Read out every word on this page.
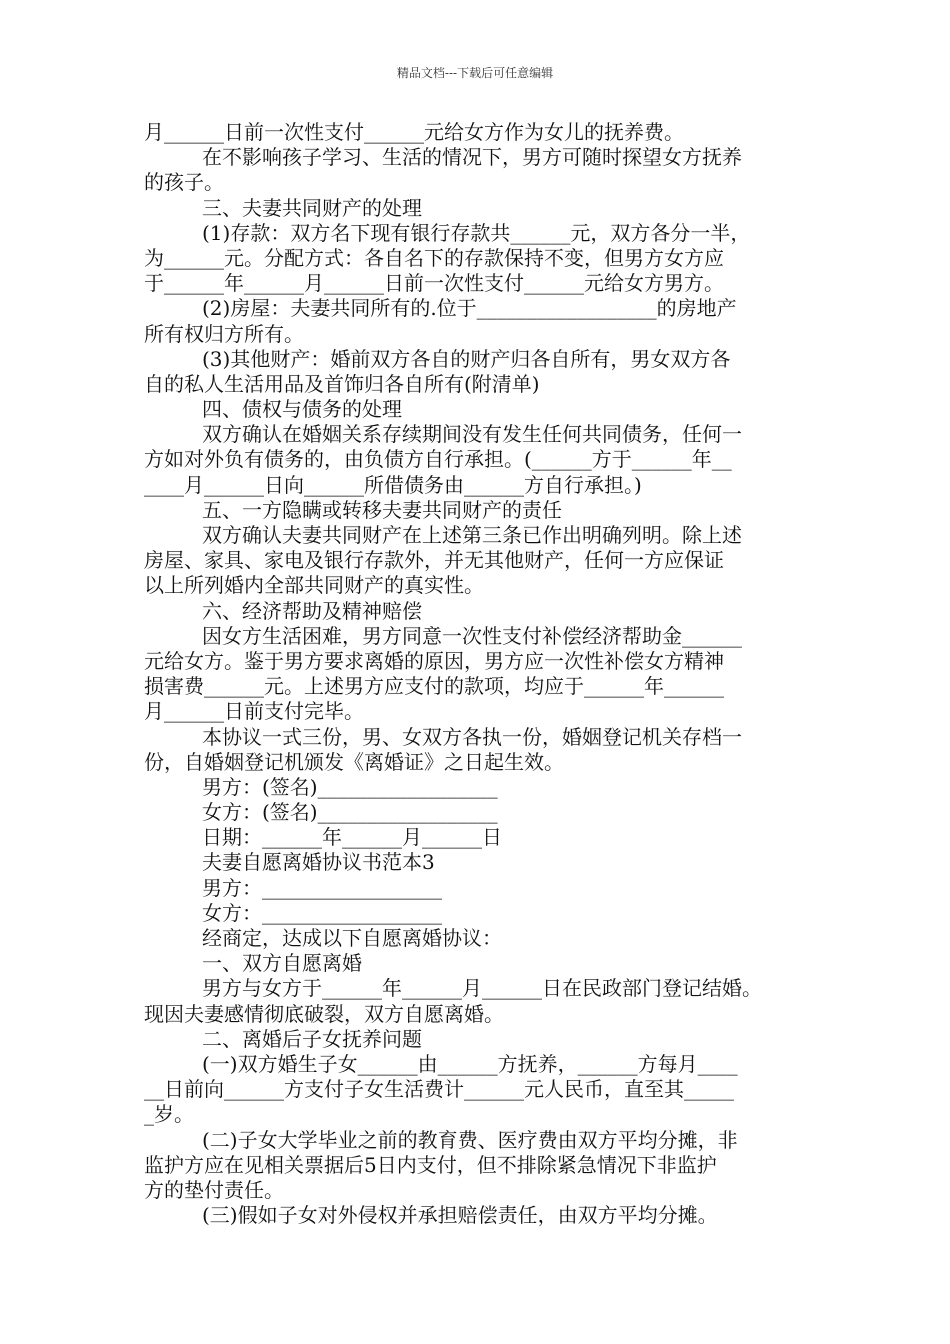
精品文档---下载后可任意编辑
月______日前一次性支付______元给女方作为女儿的抚养费。
在不影响孩子学习、生活的情况下，男方可随时探望女方抚养
的孩子。
三、夫妻共同财产的处理
(1)存款：双方名下现有银行存款共______元，双方各分一半，
为______元。分配方式：各自名下的存款保持不变，但男方女方应
于______年______月______日前一次性支付______元给女方男方。
(2)房屋：夫妻共同所有的.位于__________________的房地产
所有权归方所有。
(3)其他财产：婚前双方各自的财产归各自所有，男女双方各
自的私人生活用品及首饰归各自所有(附清单)
四、债权与债务的处理
双方确认在婚姻关系存续期间没有发生任何共同债务，任何一
方如对外负有债务的，由负债方自行承担。(______方于______年__
____月______日向______所借债务由______方自行承担。)
五、一方隐瞒或转移夫妻共同财产的责任
双方确认夫妻共同财产在上述第三条已作出明确列明。除上述
房屋、家具、家电及银行存款外，并无其他财产，任何一方应保证
以上所列婚内全部共同财产的真实性。
六、经济帮助及精神赔偿
因女方生活困难，男方同意一次性支付补偿经济帮助金______
元给女方。鉴于男方要求离婚的原因，男方应一次性补偿女方精神
损害费______元。上述男方应支付的款项，均应于______年______
月______日前支付完毕。
本协议一式三份，男、女双方各执一份，婚姻登记机关存档一
份，自婚姻登记机颁发《离婚证》之日起生效。
男方：(签名)__________________
女方：(签名)__________________
日期：______年______月______日
夫妻自愿离婚协议书范本3
男方：__________________
女方：__________________
经商定，达成以下自愿离婚协议：
一、双方自愿离婚
男方与女方于______年______月______日在民政部门登记结婚。
现因夫妻感情彻底破裂，双方自愿离婚。
二、离婚后子女抚养问题
(一)双方婚生子女______由______方抚养，______方每月____
__日前向______方支付子女生活费计______元人民币，直至其_____
_岁。
(二)子女大学毕业之前的教育费、医疗费由双方平均分摊，非
监护方应在见相关票据后5日内支付，但不排除紧急情况下非监护
方的垫付责任。
(三)假如子女对外侵权并承担赔偿责任，由双方平均分摊。
